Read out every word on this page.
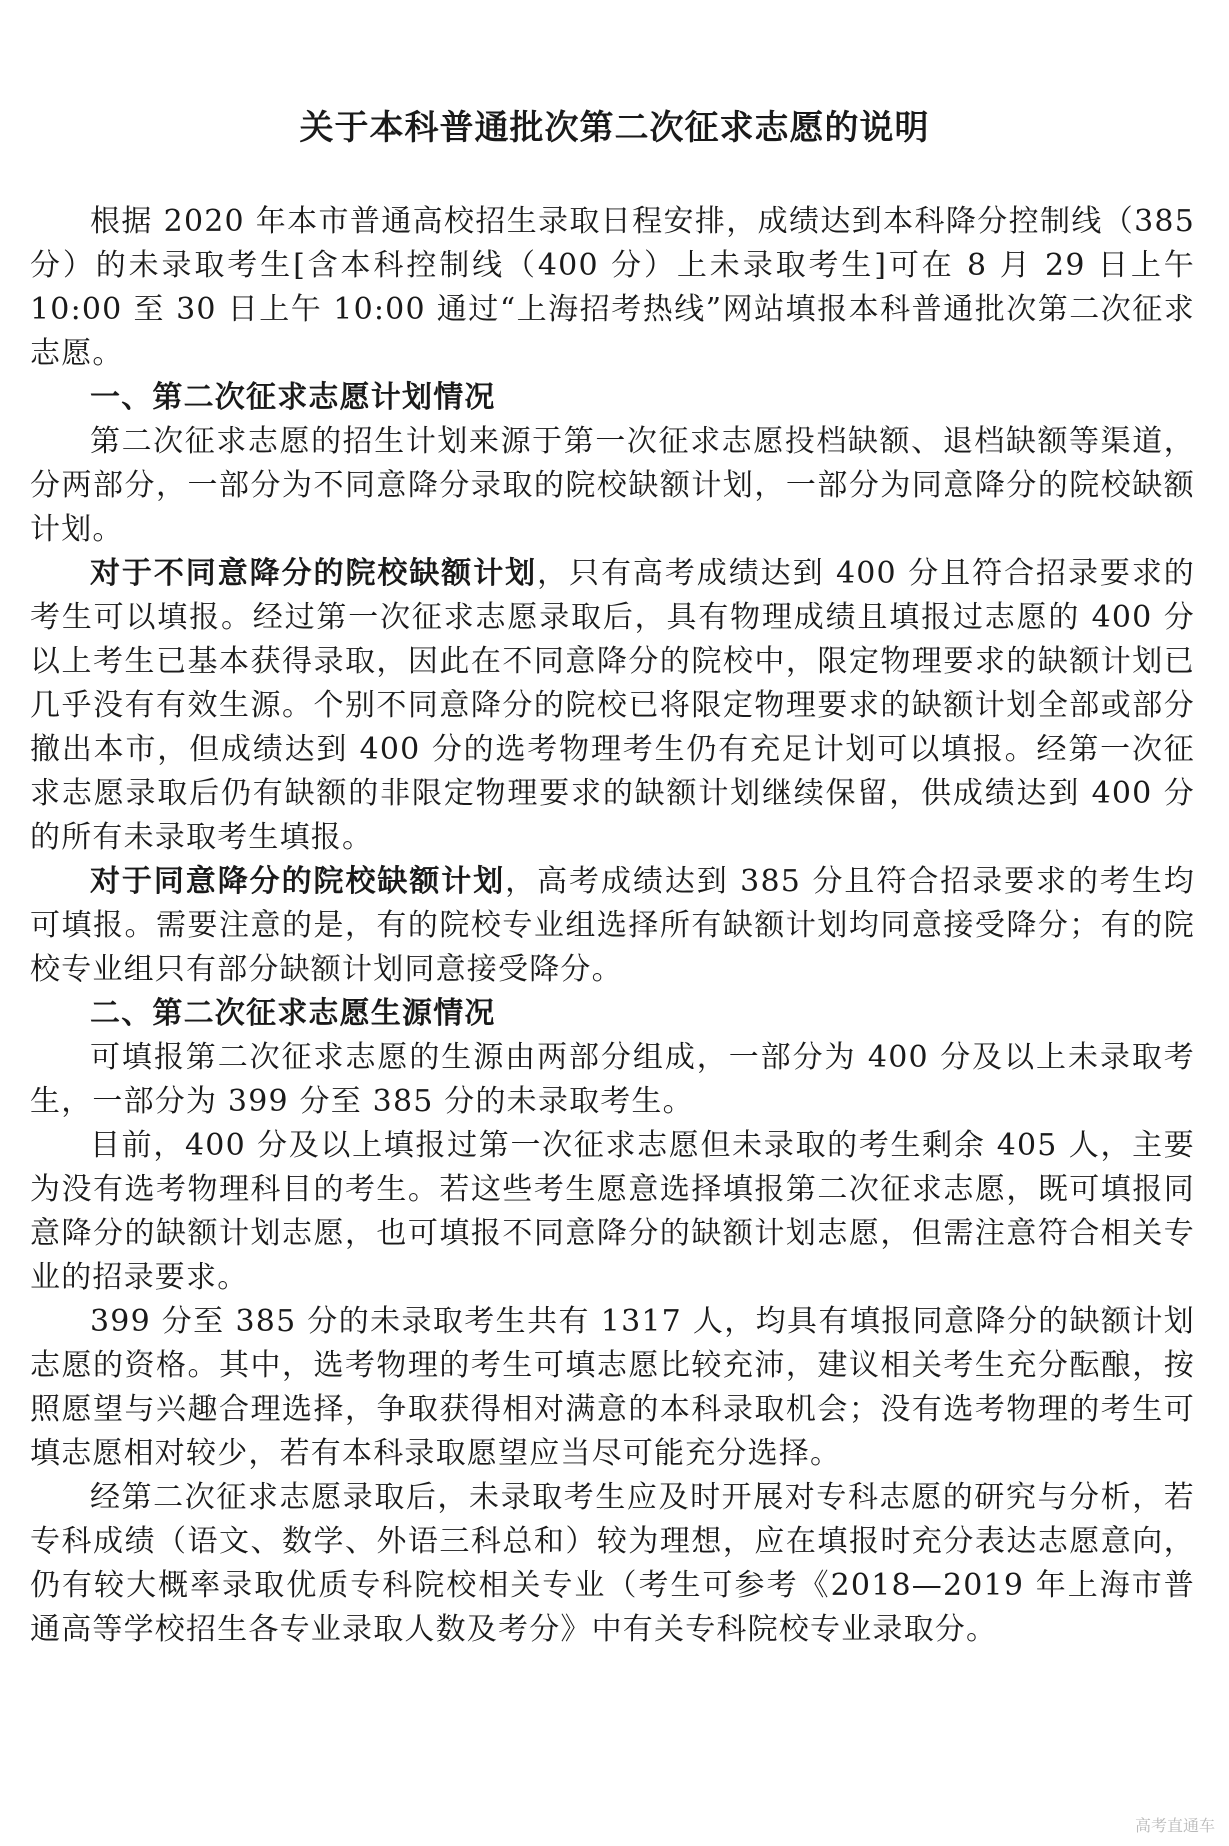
关于本科普通批次第二次征求志愿的说明

根据 2020 年本市普通高校招生录取日程安排，成绩达到本科降分控制线（385 分）的未录取考生[含本科控制线（400 分）上未录取考生]可在 8 月 29 日上午 10:00 至 30 日上午 10:00 通过“上海招考热线”网站填报本科普通批次第二次征求志愿。

一、第二次征求志愿计划情况

第二次征求志愿的招生计划来源于第一次征求志愿投档缺额、退档缺额等渠道，分两部分，一部分为不同意降分录取的院校缺额计划，一部分为同意降分的院校缺额计划。

对于不同意降分的院校缺额计划，只有高考成绩达到 400 分且符合招录要求的考生可以填报。经过第一次征求志愿录取后，具有物理成绩且填报过志愿的 400 分以上考生已基本获得录取，因此在不同意降分的院校中，限定物理要求的缺额计划已几乎没有有效生源。个别不同意降分的院校已将限定物理要求的缺额计划全部或部分撤出本市，但成绩达到 400 分的选考物理考生仍有充足计划可以填报。经第一次征求志愿录取后仍有缺额的非限定物理要求的缺额计划继续保留，供成绩达到 400 分的所有未录取考生填报。

对于同意降分的院校缺额计划，高考成绩达到 385 分且符合招录要求的考生均可填报。需要注意的是，有的院校专业组选择所有缺额计划均同意接受降分；有的院校专业组只有部分缺额计划同意接受降分。

二、第二次征求志愿生源情况

可填报第二次征求志愿的生源由两部分组成，一部分为 400 分及以上未录取考生，一部分为 399 分至 385 分的未录取考生。

目前，400 分及以上填报过第一次征求志愿但未录取的考生剩余 405 人，主要为没有选考物理科目的考生。若这些考生愿意选择填报第二次征求志愿，既可填报同意降分的缺额计划志愿，也可填报不同意降分的缺额计划志愿，但需注意符合相关专业的招录要求。

399 分至 385 分的未录取考生共有 1317 人，均具有填报同意降分的缺额计划志愿的资格。其中，选考物理的考生可填志愿比较充沛，建议相关考生充分酝酿，按照愿望与兴趣合理选择，争取获得相对满意的本科录取机会；没有选考物理的考生可填志愿相对较少，若有本科录取愿望应当尽可能充分选择。

经第二次征求志愿录取后，未录取考生应及时开展对专科志愿的研究与分析，若专科成绩（语文、数学、外语三科总和）较为理想，应在填报时充分表达志愿意向，仍有较大概率录取优质专科院校相关专业（考生可参考《2018—2019 年上海市普通高等学校招生各专业录取人数及考分》中有关专科院校专业录取分。

高考直通车
